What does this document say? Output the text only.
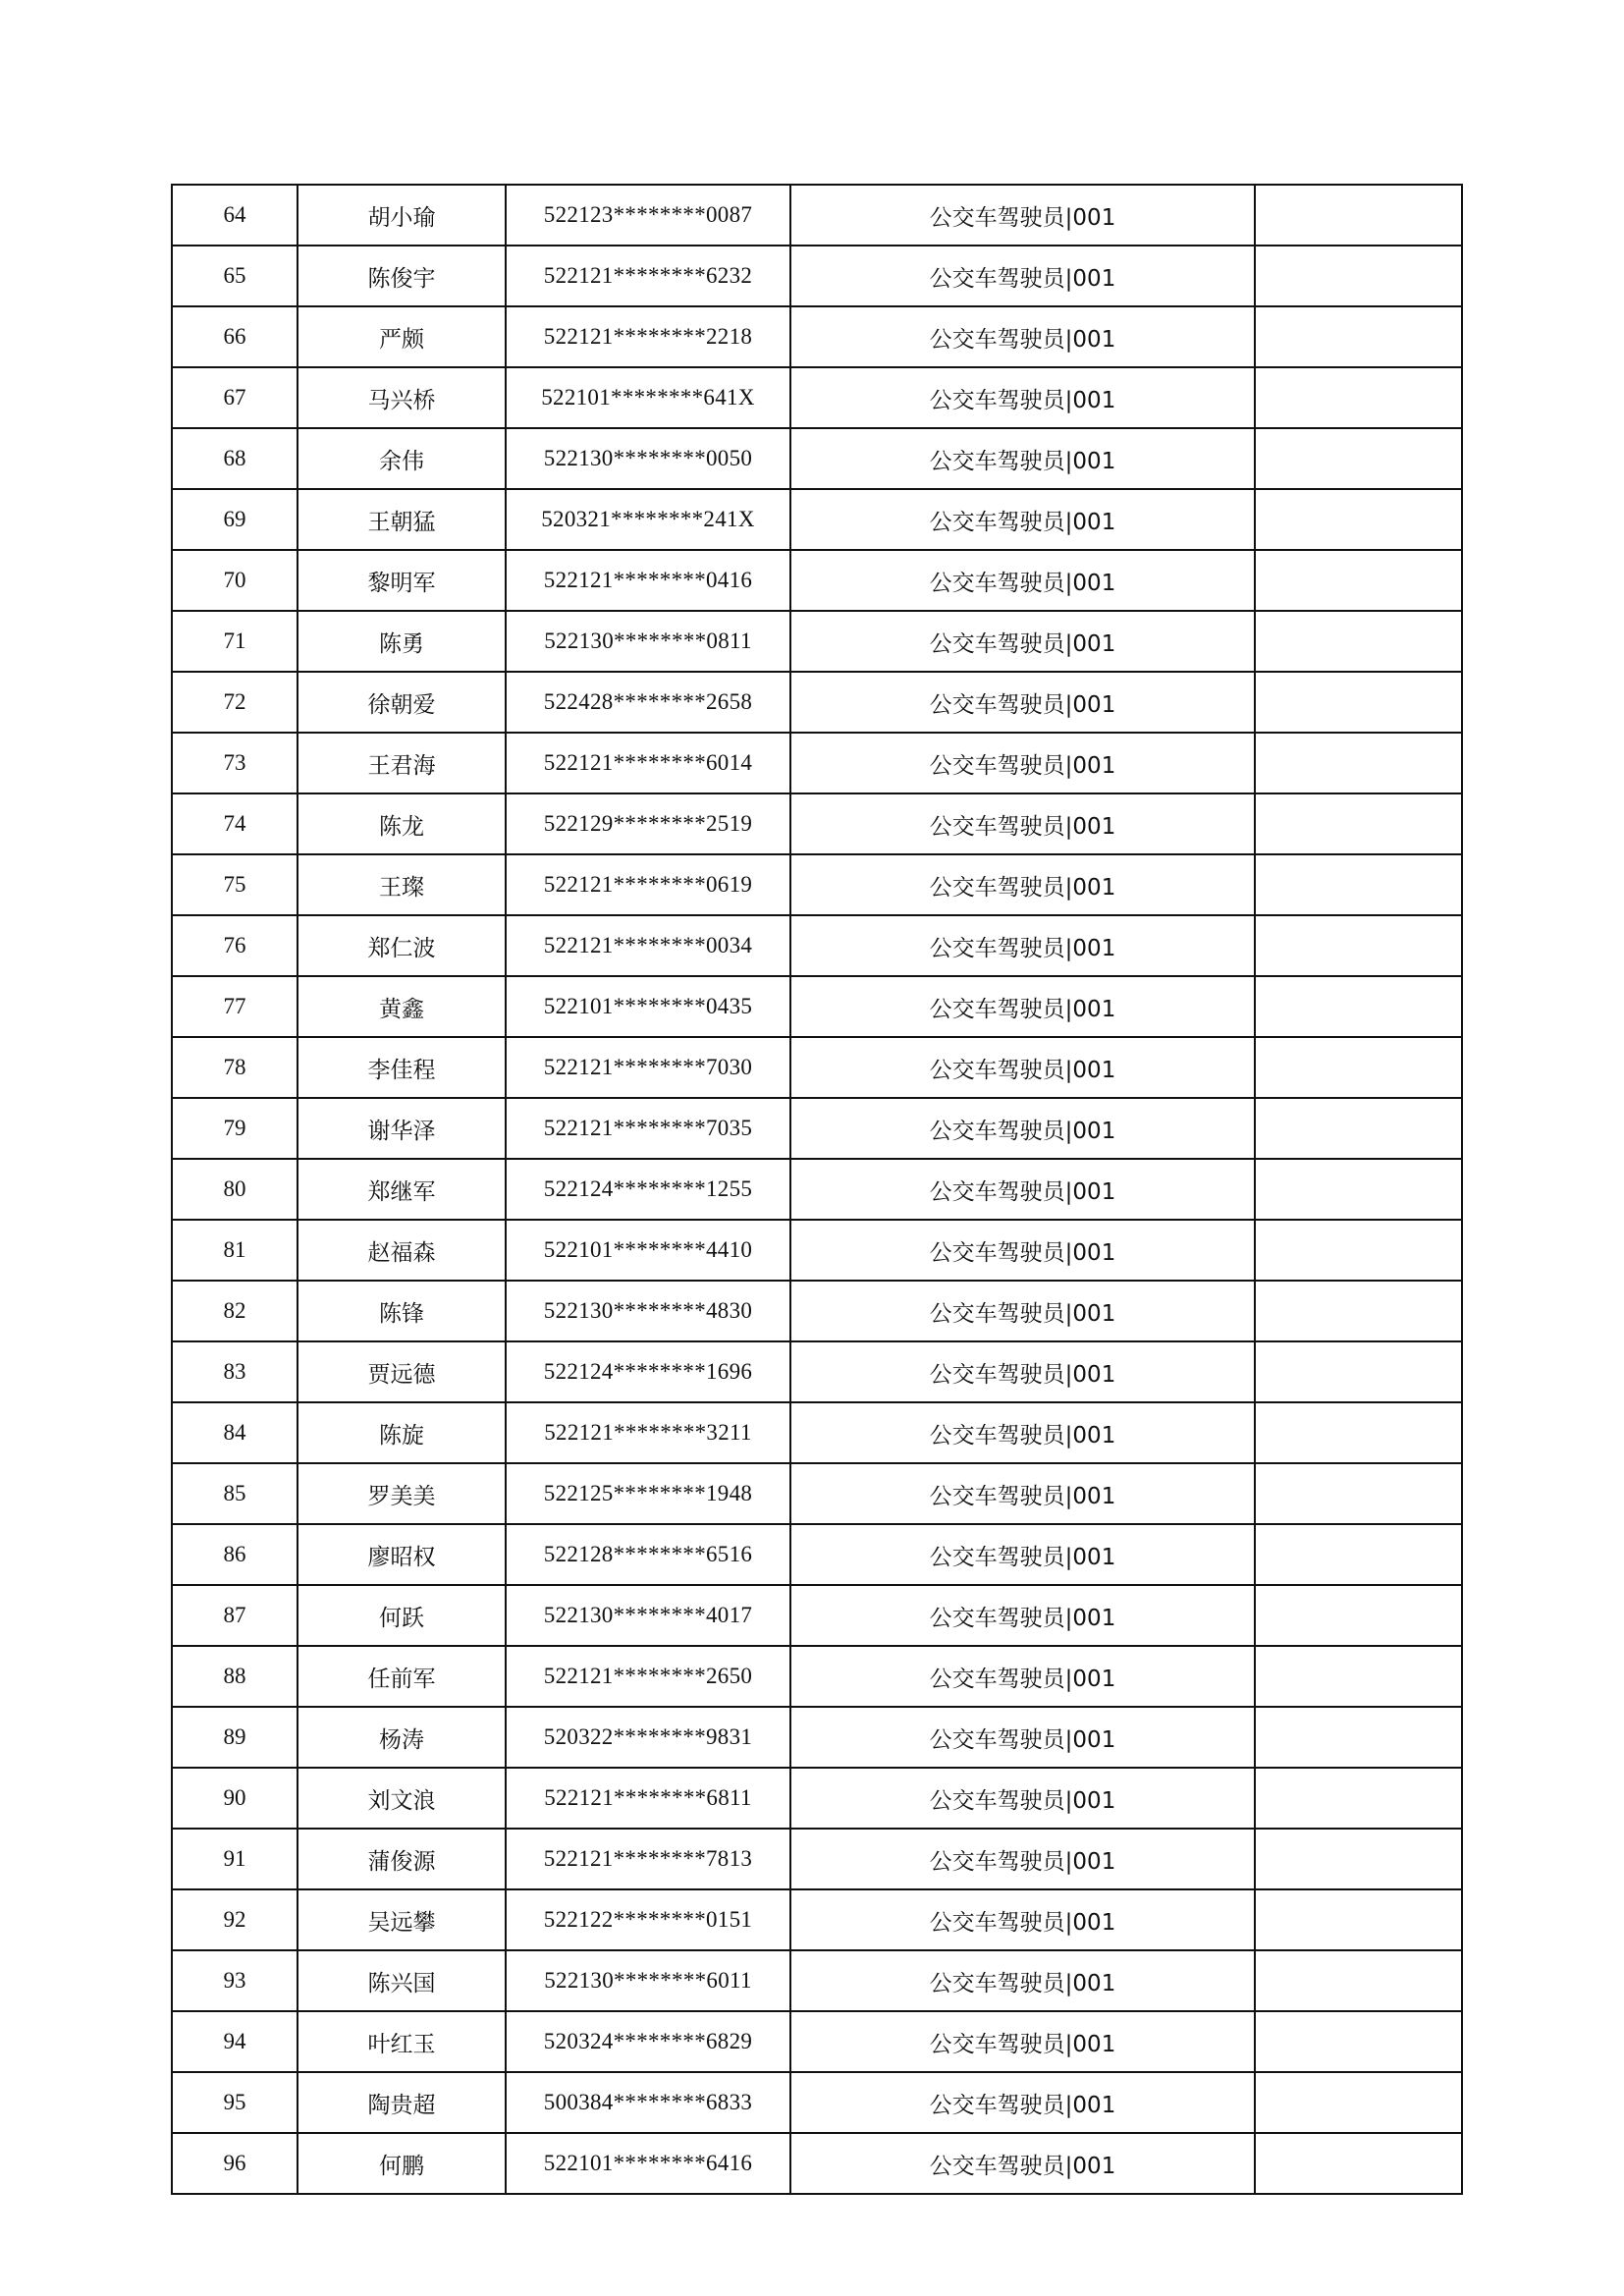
64	胡小瑜	522123********0087	公交车驾驶员|001	
65	陈俊宇	522121********6232	公交车驾驶员|001	
66	严颇	522121********2218	公交车驾驶员|001	
67	马兴桥	522101********641X	公交车驾驶员|001	
68	余伟	522130********0050	公交车驾驶员|001	
69	王朝猛	520321********241X	公交车驾驶员|001	
70	黎明军	522121********0416	公交车驾驶员|001	
71	陈勇	522130********0811	公交车驾驶员|001	
72	徐朝爱	522428********2658	公交车驾驶员|001	
73	王君海	522121********6014	公交车驾驶员|001	
74	陈龙	522129********2519	公交车驾驶员|001	
75	王璨	522121********0619	公交车驾驶员|001	
76	郑仁波	522121********0034	公交车驾驶员|001	
77	黄鑫	522101********0435	公交车驾驶员|001	
78	李佳程	522121********7030	公交车驾驶员|001	
79	谢华泽	522121********7035	公交车驾驶员|001	
80	郑继军	522124********1255	公交车驾驶员|001	
81	赵福森	522101********4410	公交车驾驶员|001	
82	陈锋	522130********4830	公交车驾驶员|001	
83	贾远德	522124********1696	公交车驾驶员|001	
84	陈旋	522121********3211	公交车驾驶员|001	
85	罗美美	522125********1948	公交车驾驶员|001	
86	廖昭权	522128********6516	公交车驾驶员|001	
87	何跃	522130********4017	公交车驾驶员|001	
88	任前军	522121********2650	公交车驾驶员|001	
89	杨涛	520322********9831	公交车驾驶员|001	
90	刘文浪	522121********6811	公交车驾驶员|001	
91	蒲俊源	522121********7813	公交车驾驶员|001	
92	吴远攀	522122********0151	公交车驾驶员|001	
93	陈兴国	522130********6011	公交车驾驶员|001	
94	叶红玉	520324********6829	公交车驾驶员|001	
95	陶贵超	500384********6833	公交车驾驶员|001	
96	何鹏	522101********6416	公交车驾驶员|001	
